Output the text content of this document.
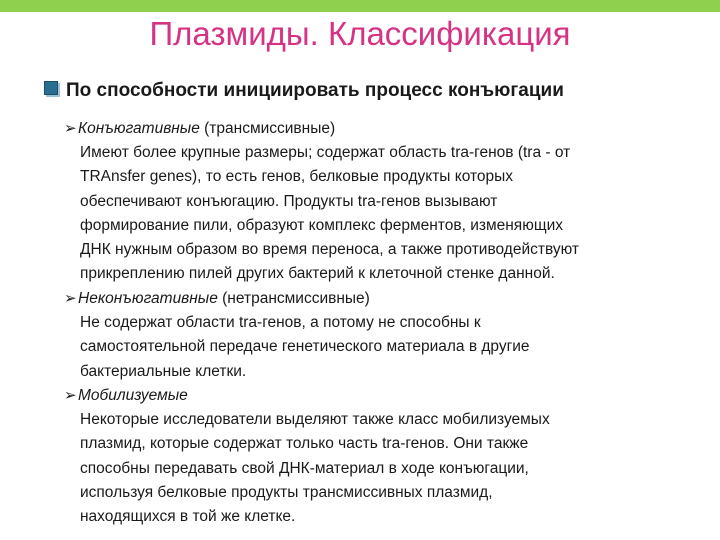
Плазмиды. Классификация
По способности инициировать процесс конъюгации
➢Конъюгативные (трансмиссивные)
Имеют более крупные размеры; содержат область tra-генов (tra - от
TRAnsfer genes), то есть генов, белковые продукты которых
обеспечивают конъюгацию. Продукты tra-генов вызывают
формирование пили, образуют комплекс ферментов, изменяющих
ДНК нужным образом во время переноса, а также противодействуют
прикреплению пилей других бактерий к клеточной стенке данной.
➢Неконъюгативные (нетрансмиссивные)
Не содержат области tra-генов, а потому не способны к
самостоятельной передаче генетического материала в другие
бактериальные клетки.
➢Мобилизуемые
Некоторые исследователи выделяют также класс мобилизуемых
плазмид, которые содержат только часть tra-генов. Они также
способны передавать свой ДНК-материал в ходе конъюгации,
используя белковые продукты трансмиссивных плазмид,
находящихся в той же клетке.
